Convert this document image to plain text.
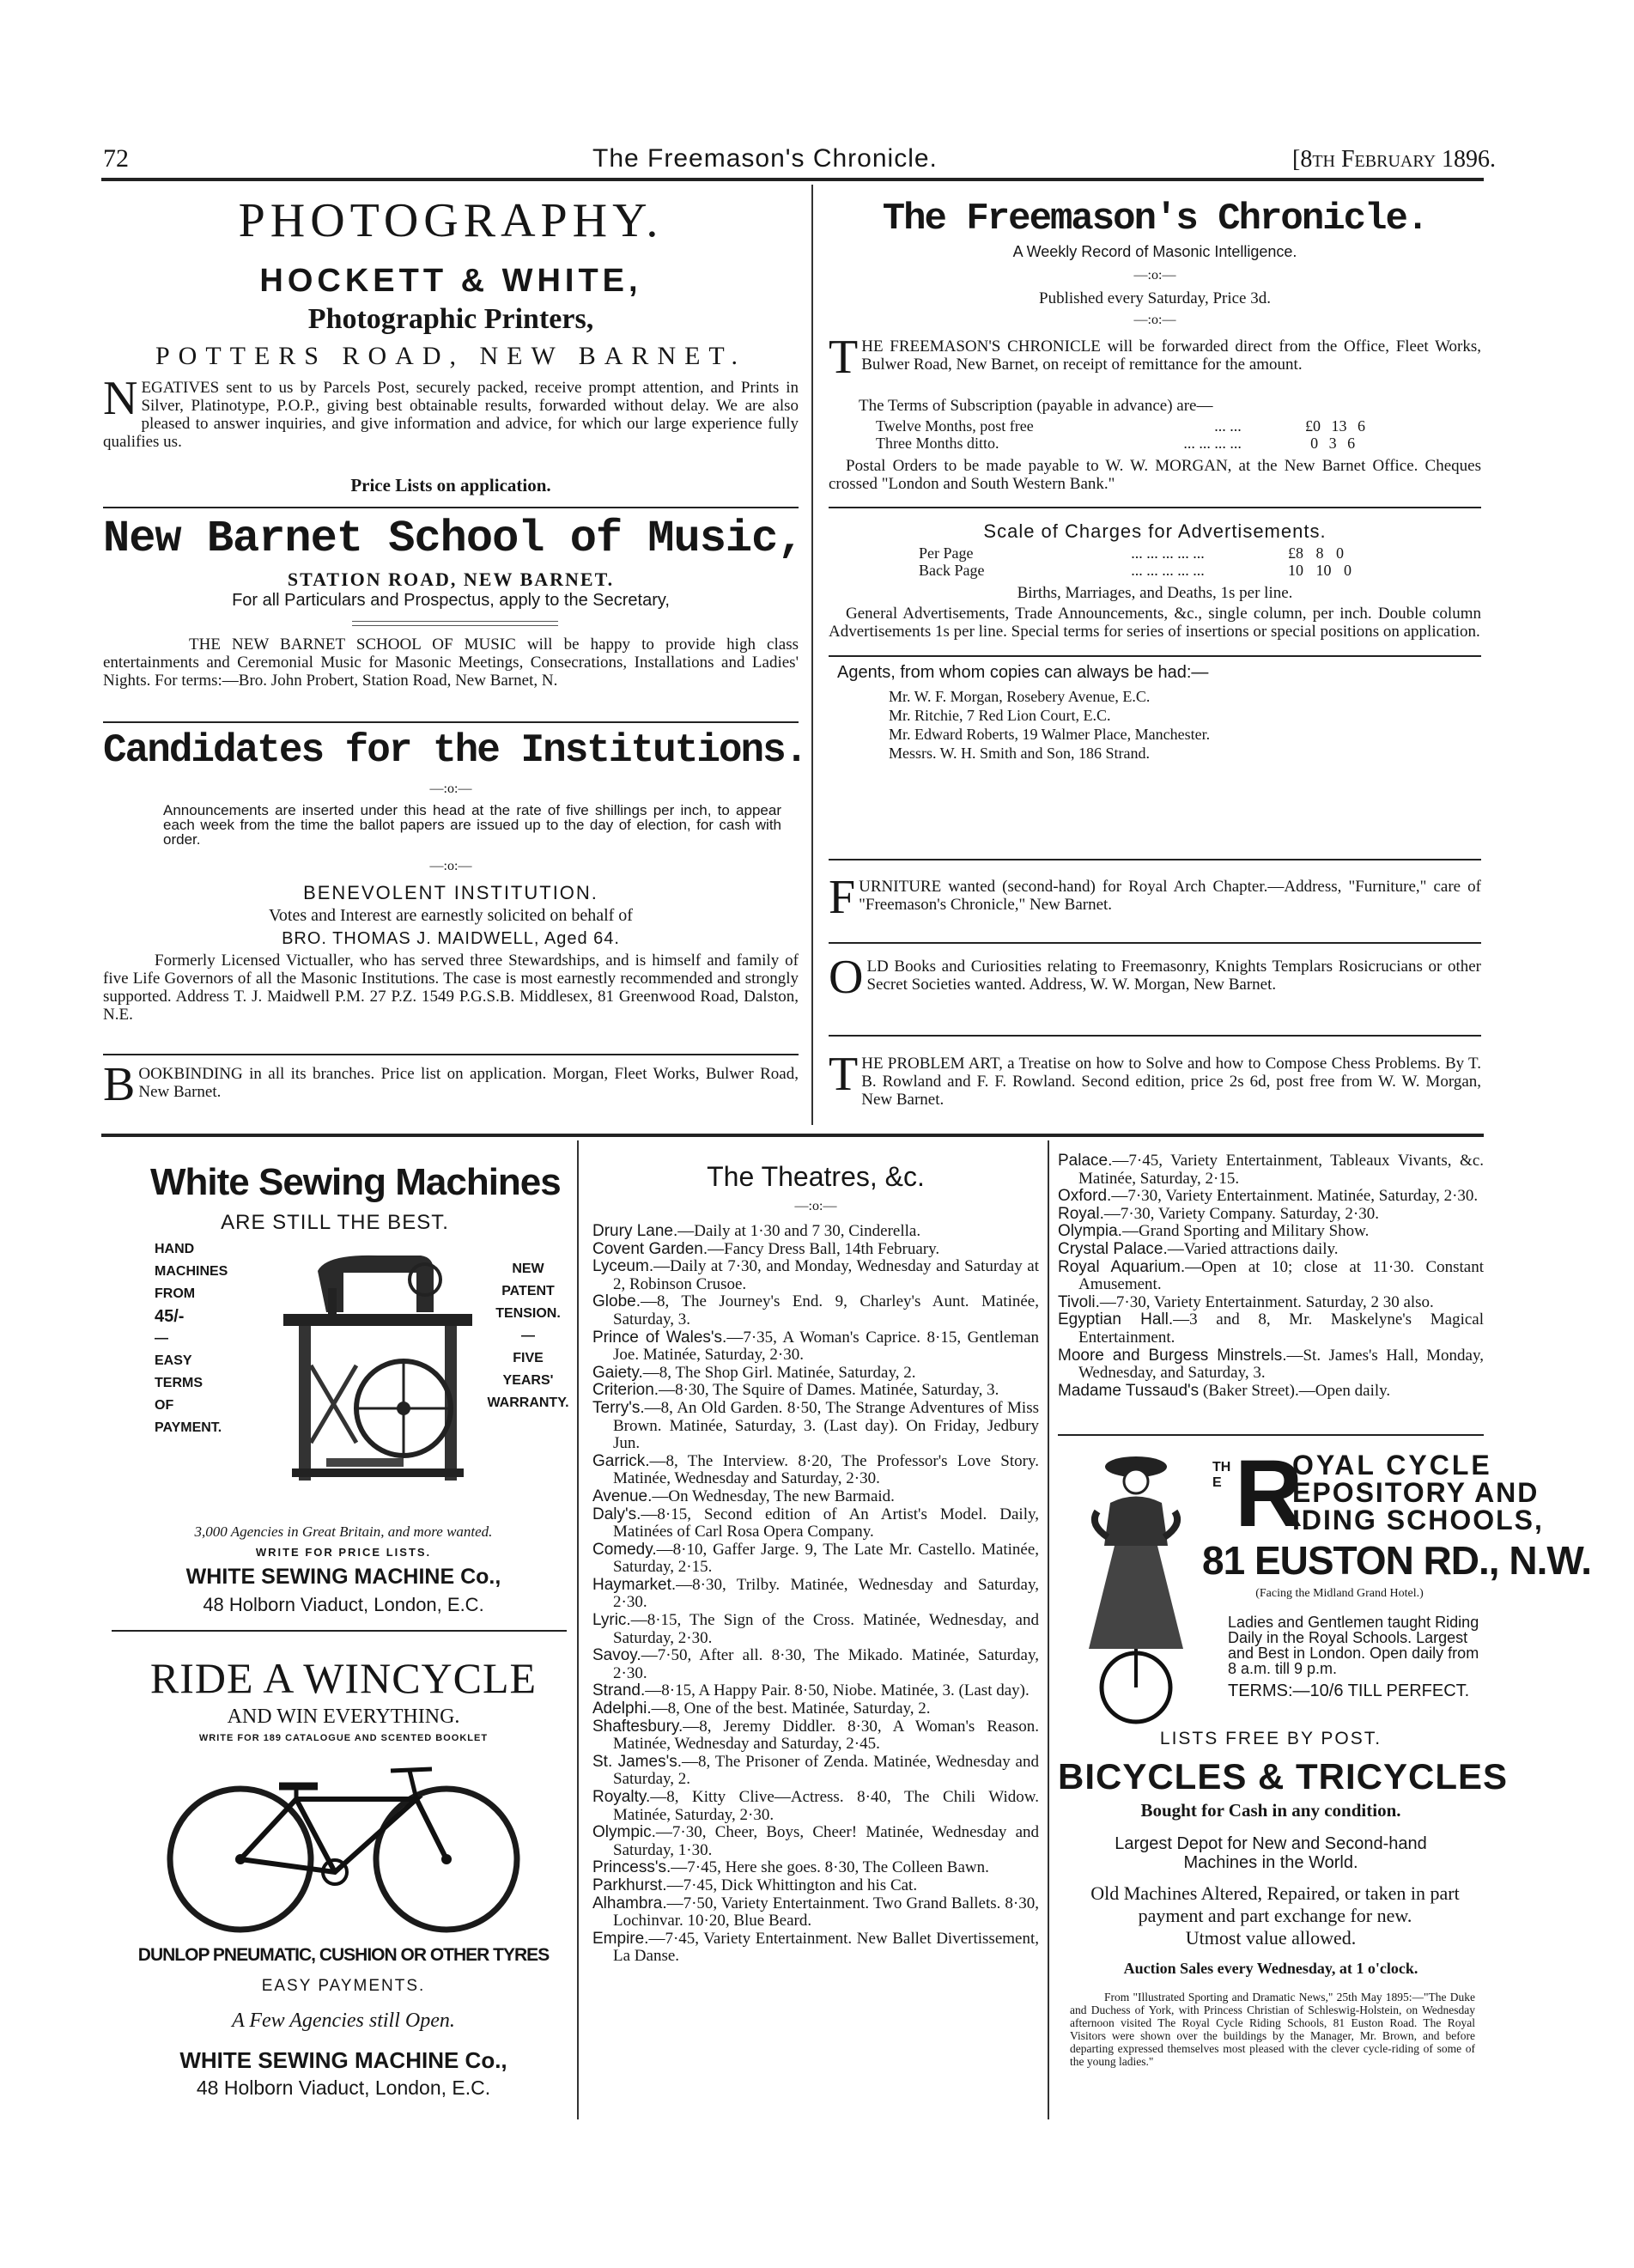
72	The Freemason's Chronicle.	[8th February 1896.
PHOTOGRAPHY.
HOCKETT & WHITE,
Photographic Printers,
POTTERS ROAD, NEW BARNET.
NEGATIVES sent to us by Parcels Post, securely packed, receive prompt attention, and Prints in Silver, Platinotype, P.O.P., giving best obtainable results, forwarded without delay. We are also pleased to answer inquiries, and give information and advice, for which our large experience fully qualifies us.
Price Lists on application.
New Barnet School of Music,
STATION ROAD, NEW BARNET.
For all Particulars and Prospectus, apply to the Secretary,
THE NEW BARNET SCHOOL OF MUSIC will be happy to provide high class entertainments and Ceremonial Music for Masonic Meetings, Consecrations, Installations and Ladies' Nights. For terms:—Bro. John Probert, Station Road, New Barnet, N.
Candidates for the Institutions.
—:o:—
Announcements are inserted under this head at the rate of five shillings per inch, to appear each week from the time the ballot papers are issued up to the day of election, for cash with order.
—:o:—
BENEVOLENT INSTITUTION.
Votes and Interest are earnestly solicited on behalf of
BRO. THOMAS J. MAIDWELL, Aged 64.
Formerly Licensed Victualler, who has served three Stewardships, and is himself and family of five Life Governors of all the Masonic Institutions. The case is most earnestly recommended and strongly supported. Address T. J. Maidwell P.M. 27 P.Z. 1549 P.G.S.B. Middlesex, 81 Greenwood Road, Dalston, N.E.
BOOKBINDING in all its branches. Price list on application. Morgan, Fleet Works, Bulwer Road, New Barnet.
The Freemason's Chronicle.
A Weekly Record of Masonic Intelligence.
—:o:—
Published every Saturday, Price 3d.
—:o:—
THE FREEMASON'S CHRONICLE will be forwarded direct from the Office, Fleet Works, Bulwer Road, New Barnet, on receipt of remittance for the amount.
The Terms of Subscription (payable in advance) are—
Twelve Months, post free	... ...	£0 13 6
Three Months ditto.	... ... ... ...	0 3 6
Postal Orders to be made payable to W. W. MORGAN, at the New Barnet Office. Cheques crossed "London and South Western Bank."
Scale of Charges for Advertisements.
Per Page	... ... ... ... ...	£8 8 0
Back Page	... ... ... ... ...	10 10 0
Births, Marriages, and Deaths, 1s per line.
General Advertisements, Trade Announcements, &c., single column, per inch. Double column Advertisements 1s per line. Special terms for series of insertions or special positions on application.
Agents, from whom copies can always be had:—
Mr. W. F. Morgan, Rosebery Avenue, E.C.
Mr. Ritchie, 7 Red Lion Court, E.C.
Mr. Edward Roberts, 19 Walmer Place, Manchester.
Messrs. W. H. Smith and Son, 186 Strand.
FURNITURE wanted (second-hand) for Royal Arch Chapter.—Address, "Furniture," care of "Freemason's Chronicle," New Barnet.
OLD Books and Curiosities relating to Freemasonry, Knights Templars Rosicrucians or other Secret Societies wanted. Address, W. W. Morgan, New Barnet.
THE PROBLEM ART, a Treatise on how to Solve and how to Compose Chess Problems. By T. B. Rowland and F. F. Rowland. Second edition, price 2s 6d, post free from W. W. Morgan, New Barnet.
White Sewing Machines
ARE STILL THE BEST.
HAND
MACHINES
FROM
45/-
—
EASY
TERMS
OF
PAYMENT.
NEW
PATENT
TENSION.
—
FIVE
YEARS'
WARRANTY.
3,000 Agencies in Great Britain, and more wanted.
WRITE FOR PRICE LISTS.
WHITE SEWING MACHINE Co.,
48 Holborn Viaduct, London, E.C.
RIDE A WINCYCLE
AND WIN EVERYTHING.
WRITE FOR 189 CATALOGUE AND SCENTED BOOKLET
DUNLOP PNEUMATIC, CUSHION OR OTHER TYRES
EASY PAYMENTS.
A Few Agencies still Open.
WHITE SEWING MACHINE Co.,
48 Holborn Viaduct, London, E.C.
The Theatres, &c.
—:o:—
Drury Lane.—Daily at 1·30 and 7 30, Cinderella.
Covent Garden.—Fancy Dress Ball, 14th February.
Lyceum.—Daily at 7·30, and Monday, Wednesday and Saturday at 2, Robinson Crusoe.
Globe.—8, The Journey's End. 9, Charley's Aunt. Matinée, Saturday, 3.
Prince of Wales's.—7·35, A Woman's Caprice. 8·15, Gentleman Joe. Matinée, Saturday, 2·30.
Gaiety.—8, The Shop Girl. Matinée, Saturday, 2.
Criterion.—8·30, The Squire of Dames. Matinée, Saturday, 3.
Terry's.—8, An Old Garden. 8·50, The Strange Adventures of Miss Brown. Matinée, Saturday, 3. (Last day). On Friday, Jedbury Jun.
Garrick.—8, The Interview. 8·20, The Professor's Love Story. Matinée, Wednesday and Saturday, 2·30.
Avenue.—On Wednesday, The new Barmaid.
Daly's.—8·15, Second edition of An Artist's Model. Daily, Matinées of Carl Rosa Opera Company.
Comedy.—8·10, Gaffer Jarge. 9, The Late Mr. Castello. Matinée, Saturday, 2·15.
Haymarket.—8·30, Trilby. Matinée, Wednesday and Saturday, 2·30.
Lyric.—8·15, The Sign of the Cross. Matinée, Wednesday, and Saturday, 2·30.
Savoy.—7·50, After all. 8·30, The Mikado. Matinée, Saturday, 2·30.
Strand.—8·15, A Happy Pair. 8·50, Niobe. Matinée, 3. (Last day).
Adelphi.—8, One of the best. Matinée, Saturday, 2.
Shaftesbury.—8, Jeremy Diddler. 8·30, A Woman's Reason. Matinée, Wednesday and Saturday, 2·45.
St. James's.—8, The Prisoner of Zenda. Matinée, Wednesday and Saturday, 2.
Royalty.—8, Kitty Clive—Actress. 8·40, The Chili Widow. Matinée, Saturday, 2·30.
Olympic.—7·30, Cheer, Boys, Cheer! Matinée, Wednesday and Saturday, 1·30.
Princess's.—7·45, Here she goes. 8·30, The Colleen Bawn.
Parkhurst.—7·45, Dick Whittington and his Cat.
Alhambra.—7·50, Variety Entertainment. Two Grand Ballets. 8·30, Lochinvar. 10·20, Blue Beard.
Empire.—7·45, Variety Entertainment. New Ballet Divertissement, La Danse.
Palace.—7·45, Variety Entertainment, Tableaux Vivants, &c. Matinée, Saturday, 2·15.
Oxford.—7·30, Variety Entertainment. Matinée, Saturday, 2·30.
Royal.—7·30, Variety Company. Saturday, 2·30.
Olympia.—Grand Sporting and Military Show.
Crystal Palace.—Varied attractions daily.
Royal Aquarium.—Open at 10; close at 11·30. Constant Amusement.
Tivoli.—7·30, Variety Entertainment. Saturday, 2 30 also.
Egyptian Hall.—3 and 8, Mr. Maskelyne's Magical Entertainment.
Moore and Burgess Minstrels.—St. James's Hall, Monday, Wednesday, and Saturday, 3.
Madame Tussaud's (Baker Street).—Open daily.
THE R
OYAL CYCLE
EPOSITORY AND
IDING SCHOOLS,
81 EUSTON RD., N.W.
(Facing the Midland Grand Hotel.)
Ladies and Gentlemen taught Riding Daily in the Royal Schools. Largest and Best in London. Open daily from 8 a.m. till 9 p.m.
TERMS:—10/6 TILL PERFECT.
LISTS FREE BY POST.
BICYCLES & TRICYCLES
Bought for Cash in any condition.
Largest Depot for New and Second-hand Machines in the World.
Old Machines Altered, Repaired, or taken in part payment and part exchange for new.
Utmost value allowed.
Auction Sales every Wednesday, at 1 o'clock.
From "Illustrated Sporting and Dramatic News," 25th May 1895:—"The Duke and Duchess of York, with Princess Christian of Schleswig-Holstein, on Wednesday afternoon visited The Royal Cycle Riding Schools, 81 Euston Road. The Royal Visitors were shown over the buildings by the Manager, Mr. Brown, and before departing expressed themselves most pleased with the clever cycle-riding of some of the young ladies."
